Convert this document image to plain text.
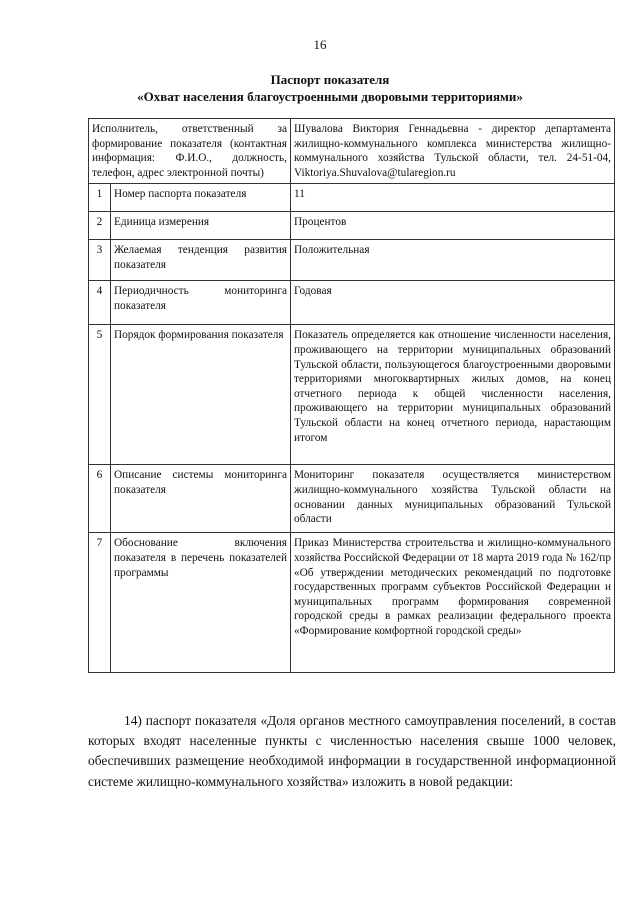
16
Паспорт показателя
«Охват населения благоустроенными дворовыми территориями»
Исполнитель, ответственный за формирование показателя (контактная информация: Ф.И.О., должность, телефон, адрес электронной почты)		Шувалова Виктория Геннадьевна - директор департамента жилищно-коммунального комплекса министерства жилищно-коммунального хозяйства Тульской области, тел. 24-51-04, Viktoriya.Shuvalova@tularegion.ru
1	Номер паспорта показателя	11
2	Единица измерения	Процентов
3	Желаемая тенденция развития показателя	Положительная
4	Периодичность мониторинга показателя	Годовая
5	Порядок формирования показателя	Показатель определяется как отношение численности населения, проживающего на территории муниципальных образований Тульской области, пользующегося благоустроенными дворовыми территориями многоквартирных жилых домов, на конец отчетного периода к общей численности населения, проживающего на территории муниципальных образований Тульской области на конец отчетного периода, нарастающим итогом
6	Описание системы мониторинга показателя	Мониторинг показателя осуществляется министерством жилищно-коммунального хозяйства Тульской области на основании данных муниципальных образований Тульской области
7	Обоснование включения показателя в перечень показателей программы	Приказ Министерства строительства и жилищно-коммунального хозяйства Российской Федерации от 18 марта 2019 года № 162/пр «Об утверждении методических рекомендаций по подготовке государственных программ субъектов Российской Федерации и муниципальных программ формирования современной городской среды в рамках реализации федерального проекта «Формирование комфортной городской среды»
14) паспорт показателя «Доля органов местного самоуправления поселений, в состав которых входят населенные пункты с численностью населения свыше 1000 человек, обеспечивших размещение необходимой информации в государственной информационной системе жилищно-коммунального хозяйства» изложить в новой редакции:
